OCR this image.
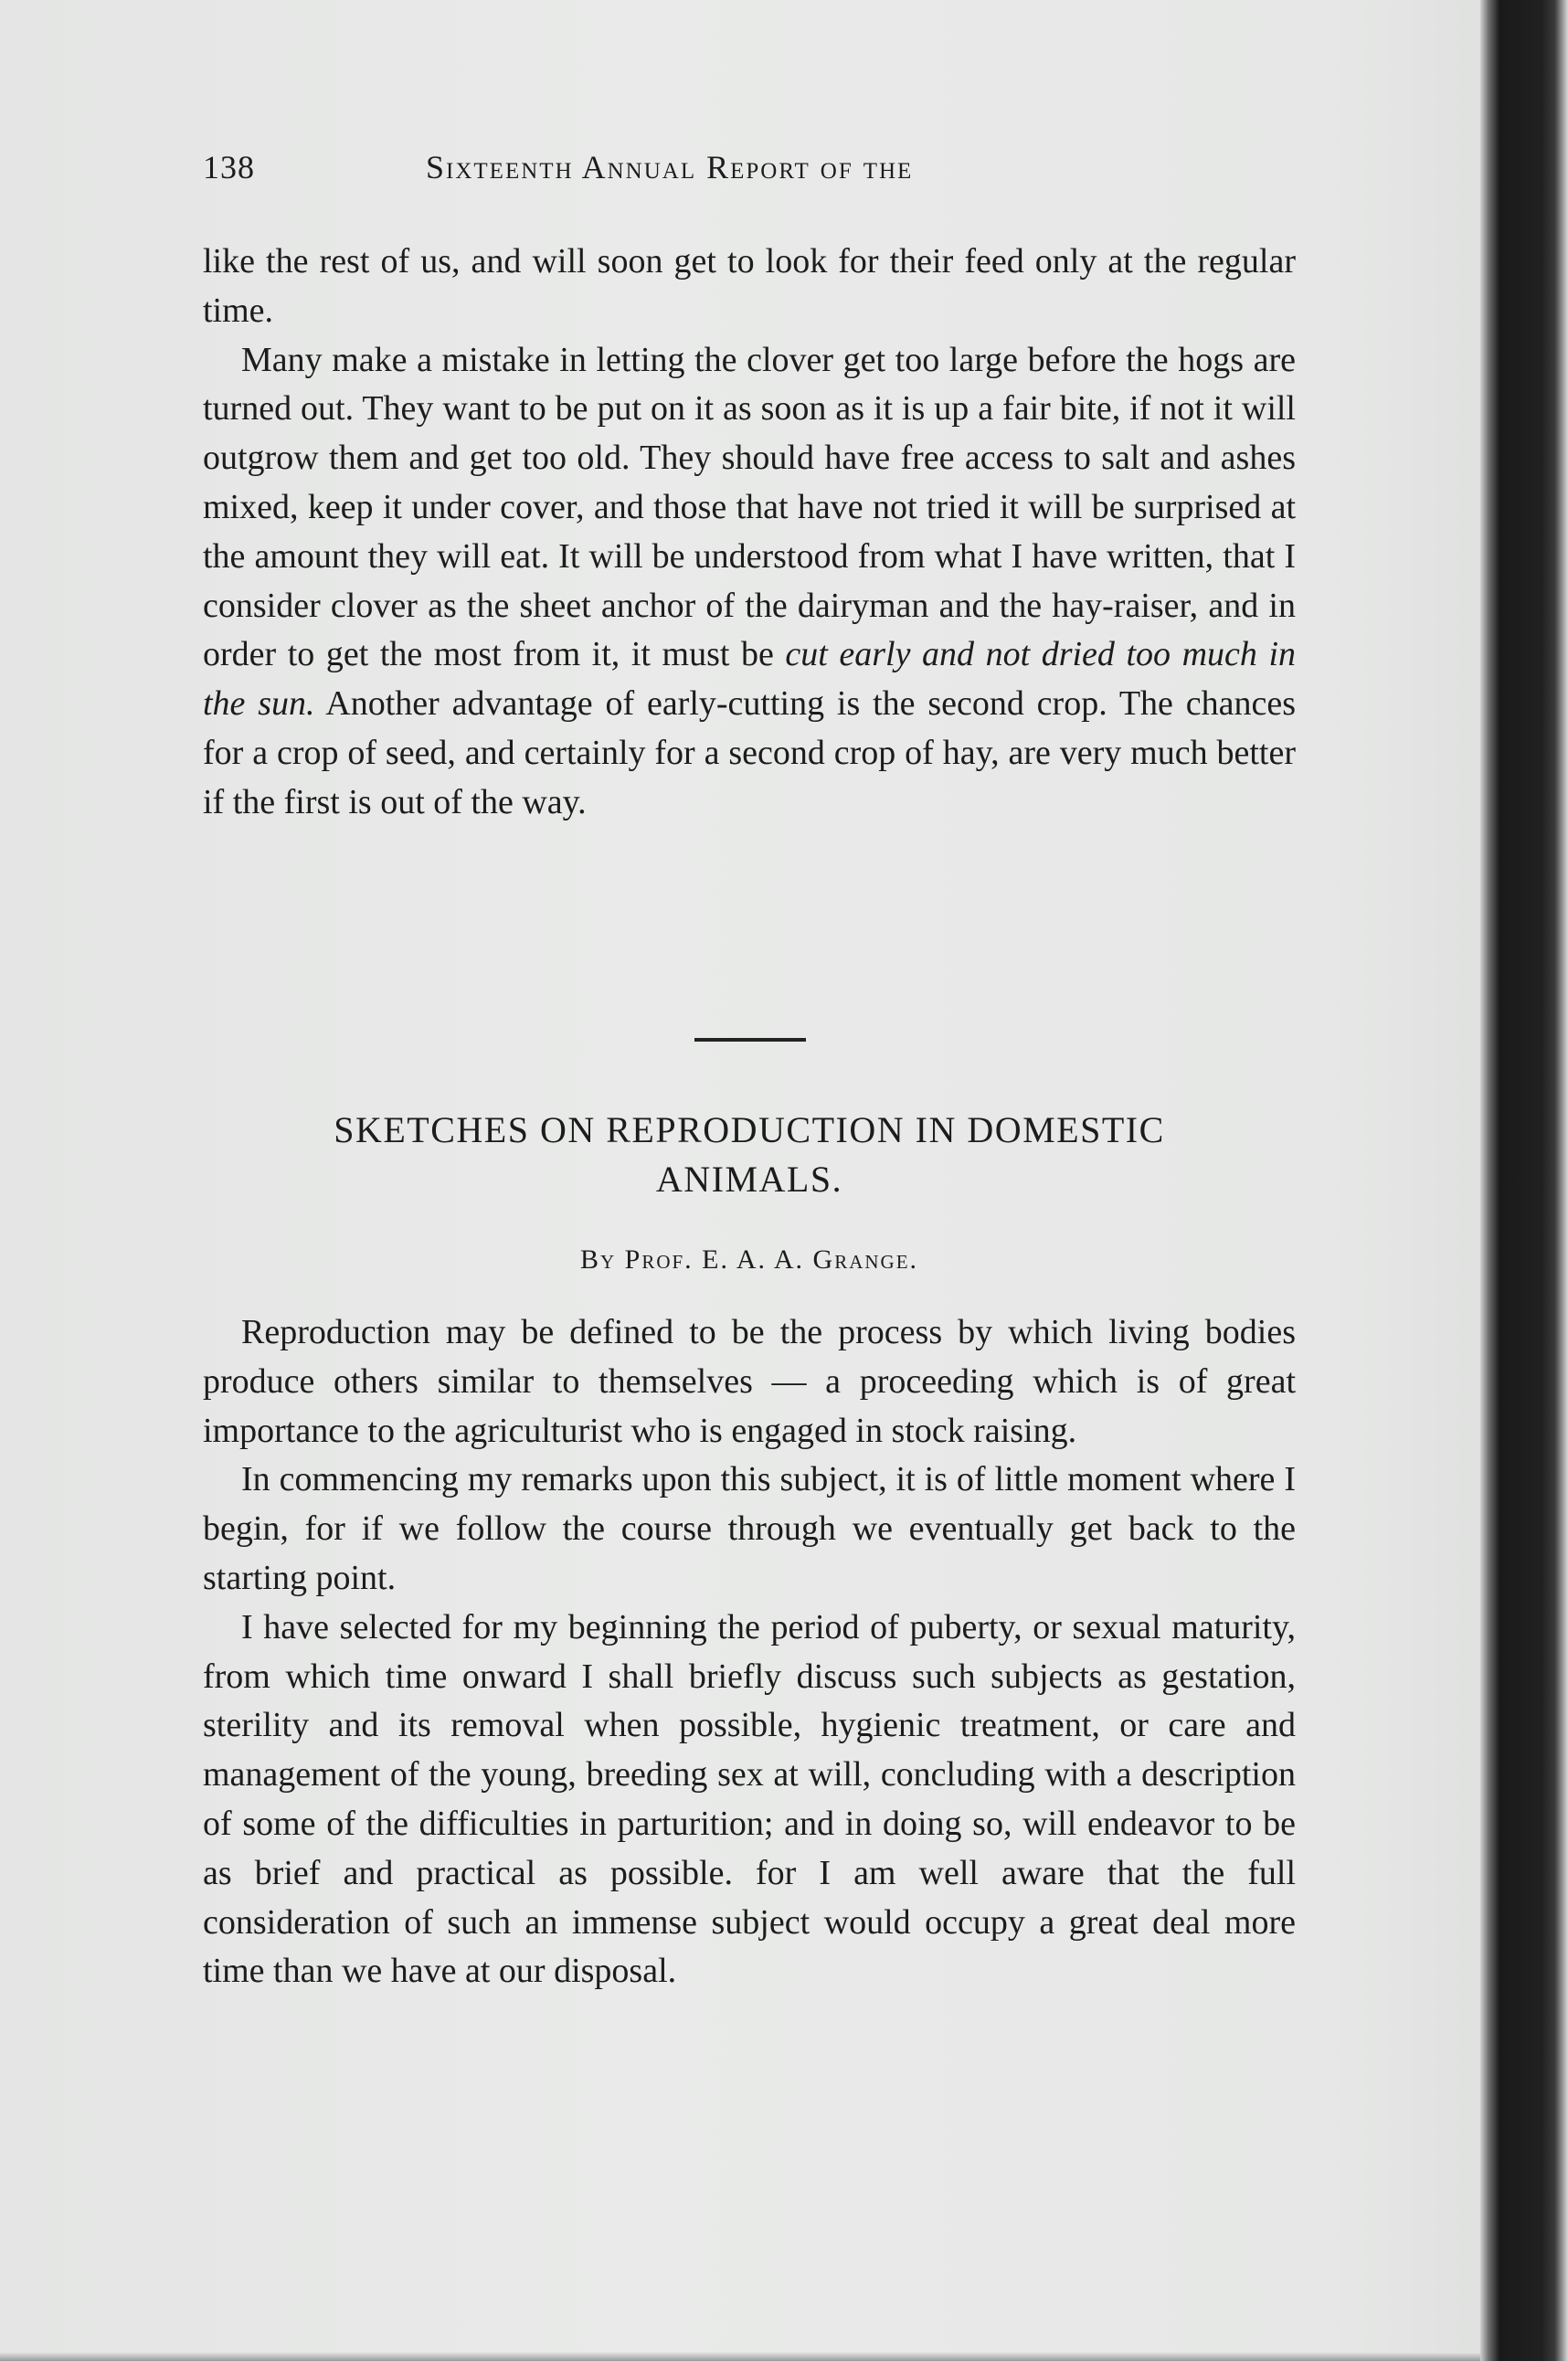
138	Sixteenth Annual Report of the

like the rest of us, and will soon get to look for their feed only at the regular time.

Many make a mistake in letting the clover get too large before the hogs are turned out. They want to be put on it as soon as it is up a fair bite, if not it will outgrow them and get too old. They should have free access to salt and ashes mixed, keep it under cover, and those that have not tried it will be surprised at the amount they will eat. It will be understood from what I have written, that I consider clover as the sheet anchor of the dairyman and the hay-raiser, and in order to get the most from it, it must be cut early and not dried too much in the sun. Another advantage of early-cutting is the second crop. The chances for a crop of seed, and certainly for a second crop of hay, are very much better if the first is out of the way.

SKETCHES ON REPRODUCTION IN DOMESTIC
ANIMALS.
By Prof. E. A. A. Grange.

Reproduction may be defined to be the process by which living bodies produce others similar to themselves — a proceeding which is of great importance to the agriculturist who is engaged in stock raising.

In commencing my remarks upon this subject, it is of little moment where I begin, for if we follow the course through we eventually get back to the starting point.

I have selected for my beginning the period of puberty, or sexual maturity, from which time onward I shall briefly discuss such subjects as gestation, sterility and its removal when possible, hygienic treatment, or care and management of the young, breeding sex at will, concluding with a description of some of the difficulties in parturition; and in doing so, will endeavor to be as brief and practical as possible. for I am well aware that the full consideration of such an immense subject would occupy a great deal more time than we have at our disposal.
